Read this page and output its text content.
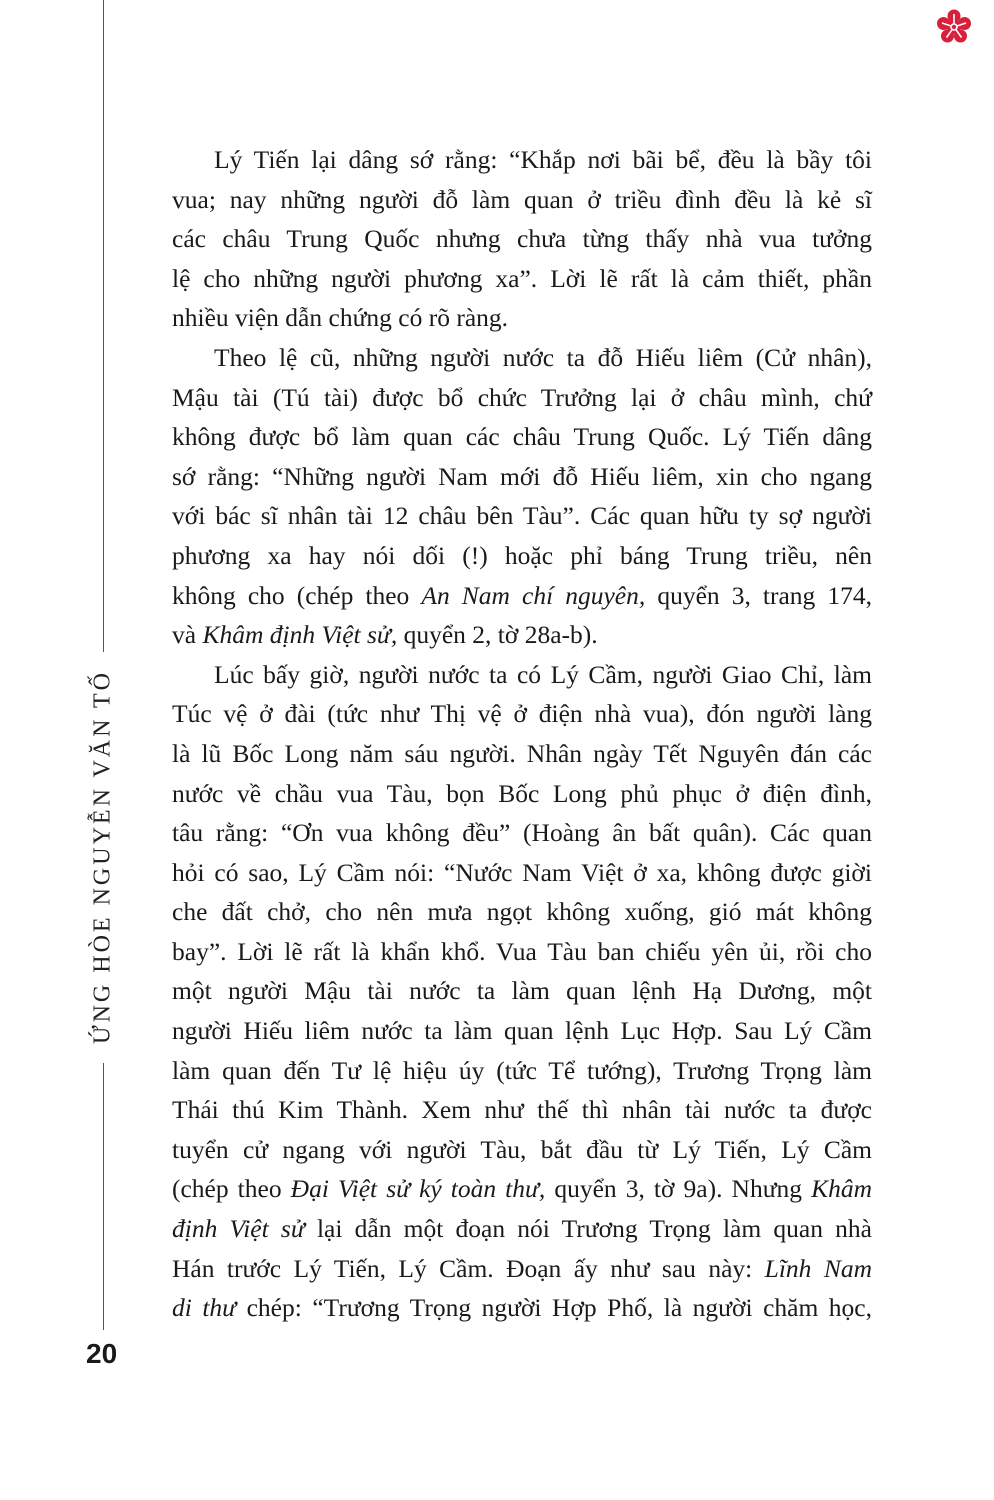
ỨNG HÒE NGUYỄN VĂN TỐ
20
Lý Tiến lại dâng sớ rằng: “Khắp nơi bãi bể, đều là bầy tôi
vua; nay những người đỗ làm quan ở triều đình đều là kẻ sĩ
các châu Trung Quốc nhưng chưa từng thấy nhà vua tưởng
lệ cho những người phương xa”. Lời lẽ rất là cảm thiết, phần
nhiều viện dẫn chứng có rõ ràng.
Theo lệ cũ, những người nước ta đỗ Hiếu liêm (Cử nhân),
Mậu tài (Tú tài) được bổ chức Trưởng lại ở châu mình, chứ
không được bổ làm quan các châu Trung Quốc. Lý Tiến dâng
sớ rằng: “Những người Nam mới đỗ Hiếu liêm, xin cho ngang
với bác sĩ nhân tài 12 châu bên Tàu”. Các quan hữu ty sợ người
phương xa hay nói dối (!) hoặc phỉ báng Trung triều, nên
không cho (chép theo An Nam chí nguyên, quyển 3, trang 174,
và Khâm định Việt sử, quyển 2, tờ 28a-b).
Lúc bấy giờ, người nước ta có Lý Cầm, người Giao Chỉ, làm
Túc vệ ở đài (tức như Thị vệ ở điện nhà vua), đón người làng
là lũ Bốc Long năm sáu người. Nhân ngày Tết Nguyên đán các
nước về chầu vua Tàu, bọn Bốc Long phủ phục ở điện đình,
tâu rằng: “Ơn vua không đều” (Hoàng ân bất quân). Các quan
hỏi có sao, Lý Cầm nói: “Nước Nam Việt ở xa, không được giời
che đất chở, cho nên mưa ngọt không xuống, gió mát không
bay”. Lời lẽ rất là khẩn khổ. Vua Tàu ban chiếu yên ủi, rồi cho
một người Mậu tài nước ta làm quan lệnh Hạ Dương, một
người Hiếu liêm nước ta làm quan lệnh Lục Hợp. Sau Lý Cầm
làm quan đến Tư lệ hiệu úy (tức Tể tướng), Trương Trọng làm
Thái thú Kim Thành. Xem như thế thì nhân tài nước ta được
tuyển cử ngang với người Tàu, bắt đầu từ Lý Tiến, Lý Cầm
(chép theo Đại Việt sử ký toàn thư, quyển 3, tờ 9a). Nhưng Khâm
định Việt sử lại dẫn một đoạn nói Trương Trọng làm quan nhà
Hán trước Lý Tiến, Lý Cầm. Đoạn ấy như sau này: Lĩnh Nam
di thư chép: “Trương Trọng người Hợp Phố, là người chăm học,
